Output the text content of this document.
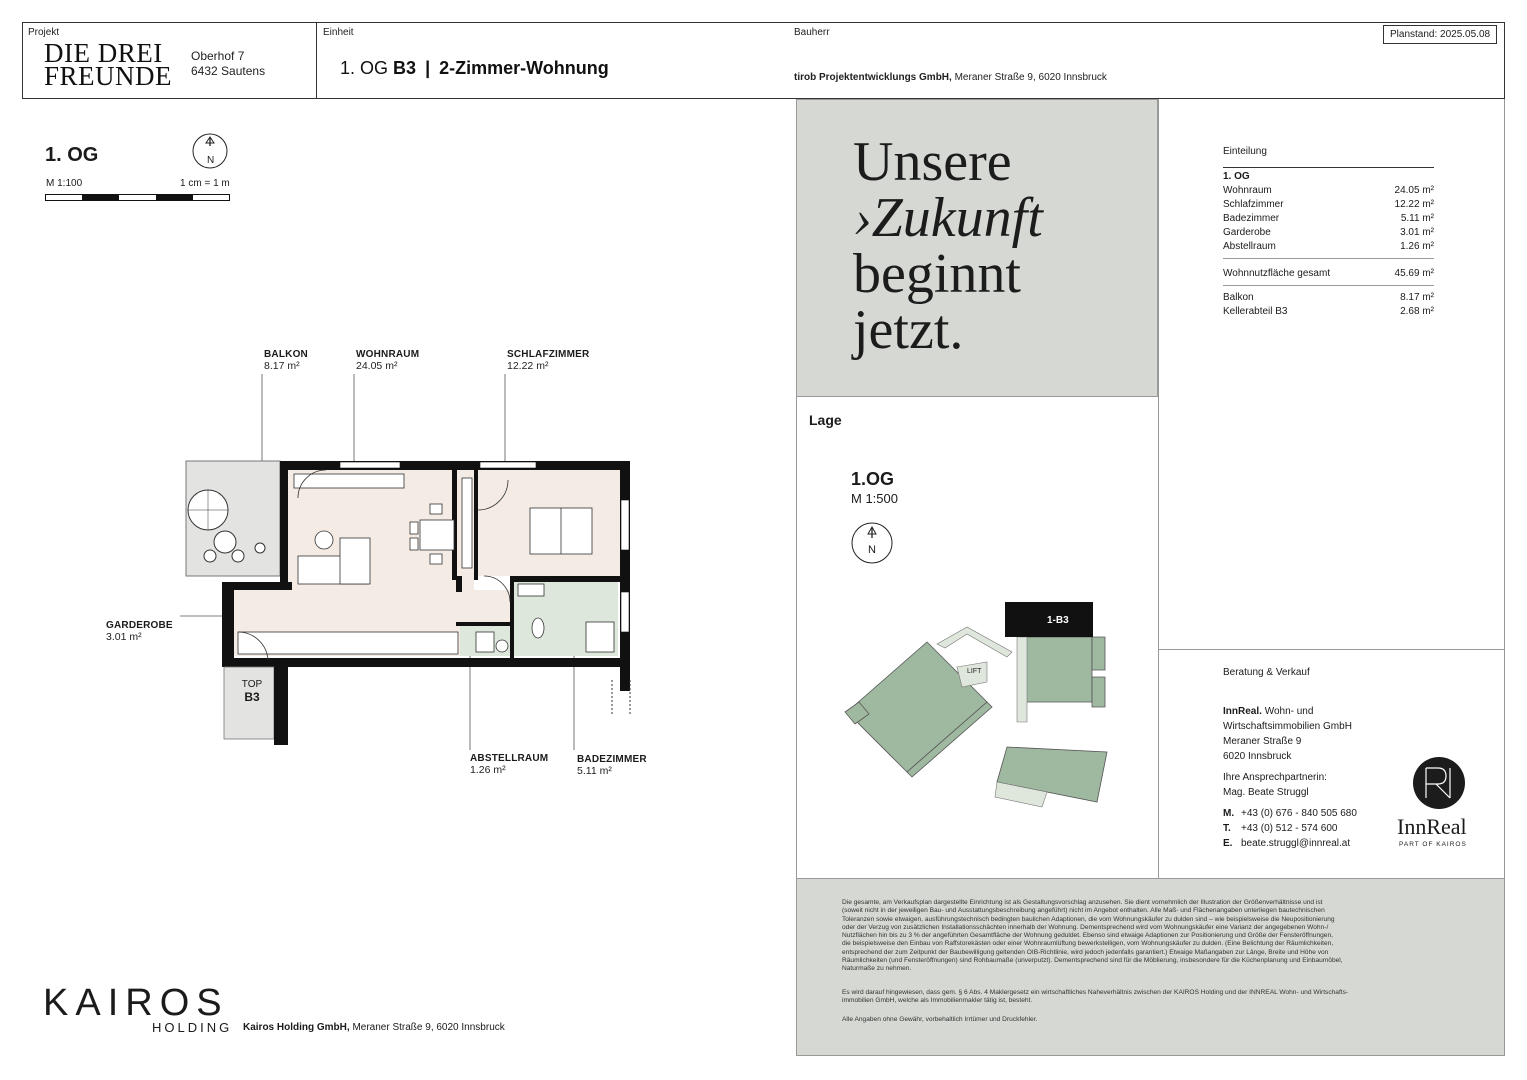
Projekt
DIE DREI
FREUNDE
Oberhof 7
6432 Sautens
Einheit
1. OG B3 | 2-Zimmer-Wohnung
Bauherr
tirob Projektentwicklungs GmbH, Meraner Straße 9, 6020 Innsbruck
Planstand: 2025.05.08
1. OG	N
M 1:100	1 cm = 1 m
BALKON
8.17 m²
WOHNRAUM
24.05 m²
SCHLAFZIMMER
12.22 m²
GARDEROBE
3.01 m²
ABSTELLRAUM
1.26 m²
BADEZIMMER
5.11 m²
TOP
B3
KAIROS
HOLDING Kairos Holding GmbH, Meraner Straße 9, 6020 Innsbruck
Unsere
›Zukunft
beginnt
jetzt.
Lage
1.OG
M 1:500
N
1-B3
LIFT
Einteilung
1. OG
Wohnraum	24.05 m²
Schlafzimmer	12.22 m²
Badezimmer	5.11 m²
Garderobe	3.01 m²
Abstellraum	1.26 m²
Wohnnutzfläche gesamt	45.69 m²
Balkon	8.17 m²
Kellerabteil B3	2.68 m²
Beratung & Verkauf
InnReal. Wohn- und
Wirtschaftsimmobilien GmbH
Meraner Straße 9
6020 Innsbruck
Ihre Ansprechpartnerin:
Mag. Beate Struggl
M. +43 (0) 676 - 840 505 680
T. +43 (0) 512 - 574 600
E. beate.struggl@innreal.at
InnReal
PART OF KAIROS
Die gesamte, am Verkaufsplan dargestellte Einrichtung ist als Gestaltungsvorschlag anzusehen. Sie dient vornehmlich der Illustration der Größenverhältnisse und ist
(soweit nicht in der jeweiligen Bau- und Ausstattungsbeschreibung angeführt) nicht im Angebot enthalten. Alle Maß- und Flächenangaben unterliegen bautechnischen
Toleranzen sowie etwaigen, ausführungstechnisch bedingten baulichen Adaptionen, die vom Wohnungskäufer zu dulden sind – wie beispielsweise die Neupositionierung
oder der Verzug von zusätzlichen Installationsschächten innerhalb der Wohnung. Dementsprechend wird vom Wohnungskäufer eine Varianz der angegebenen Wohn-/
Nutzflächen hin bis zu 3 % der angeführten Gesamtfläche der Wohnung geduldet. Ebenso sind etwaige Adaptionen zur Positionierung und Größe der Fensteröffnungen,
die beispielsweise den Einbau von Raffstorekästen oder einer Wohnraumlüftung bewerkstelligen, vom Wohnungskäufer zu dulden. (Eine Belichtung der Räumlichkeiten,
entsprechend der zum Zeitpunkt der Baubewilligung geltenden OIB-Richtlinie, wird jedoch jedenfalls garantiert.) Etwaige Maßangaben zur Länge, Breite und Höhe von
Räumlichkeiten (und Fensteröffnungen) sind Rohbaumaße (unverputzt). Dementsprechend sind für die Möblierung, insbesondere für die Küchenplanung und Einbaumöbel,
Naturmaße zu nehmen.
Es wird darauf hingewiesen, dass gem. § 6 Abs. 4 Maklergesetz ein wirtschaftliches Naheverhältnis zwischen der KAIROS Holding und der INNREAL Wohn- und Wirtschafts-
immobilien GmbH, welche als Immobilienmakler tätig ist, besteht.
Alle Angaben ohne Gewähr, vorbehaltlich Irrtümer und Druckfehler.
